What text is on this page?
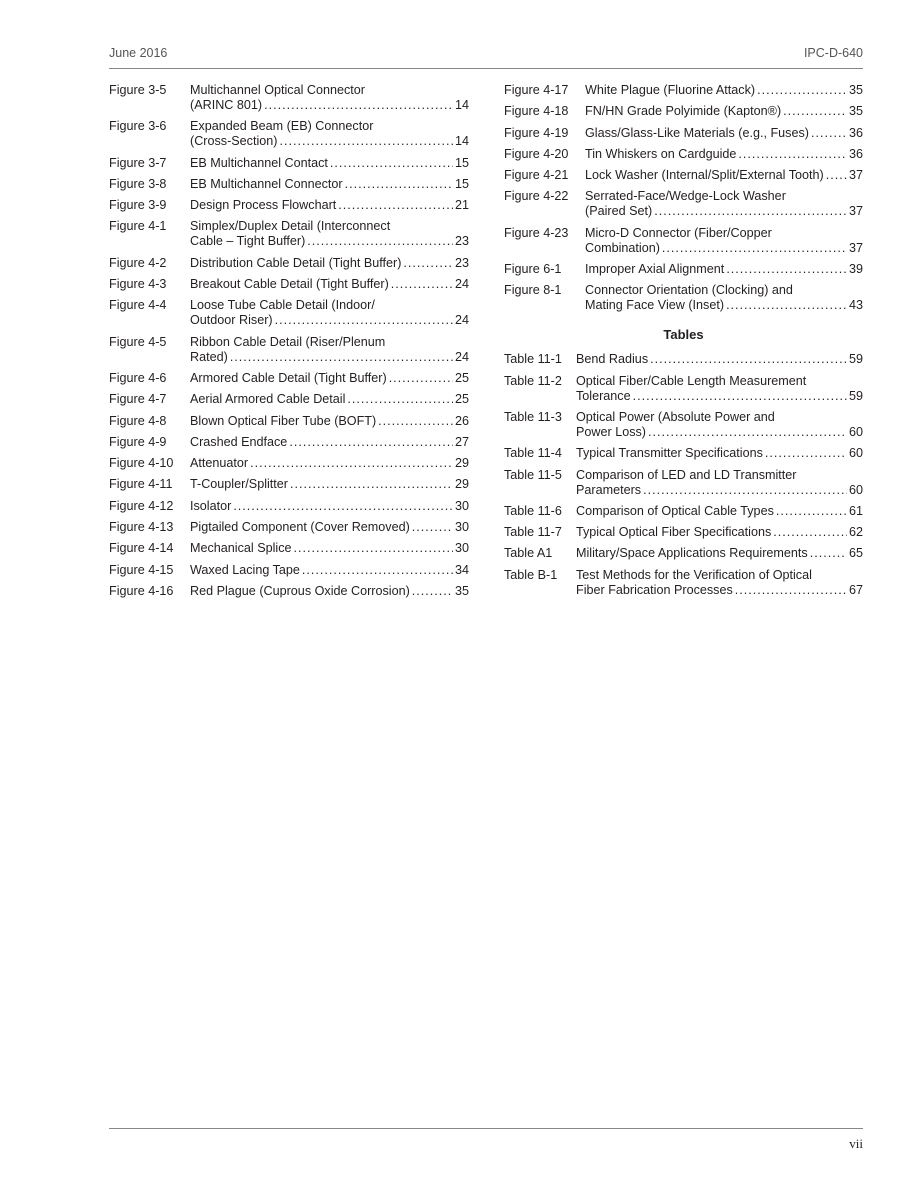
June 2016	IPC-D-640
Figure 3-5	Multichannel Optical Connector
(ARINC 801) .....	14
Figure 3-6	Expanded Beam (EB) Connector
(Cross-Section) .....	14
Figure 3-7	EB Multichannel Contact .....	15
Figure 3-8	EB Multichannel Connector .....	15
Figure 3-9	Design Process Flowchart .....	21
Figure 4-1	Simplex/Duplex Detail (Interconnect
Cable – Tight Buffer) .....	23
Figure 4-2	Distribution Cable Detail (Tight Buffer) .....	23
Figure 4-3	Breakout Cable Detail (Tight Buffer) .....	24
Figure 4-4	Loose Tube Cable Detail (Indoor/
Outdoor Riser) .....	24
Figure 4-5	Ribbon Cable Detail (Riser/Plenum
Rated) .....	24
Figure 4-6	Armored Cable Detail (Tight Buffer) .....	25
Figure 4-7	Aerial Armored Cable Detail .....	25
Figure 4-8	Blown Optical Fiber Tube (BOFT) .....	26
Figure 4-9	Crashed Endface .....	27
Figure 4-10	Attenuator .....	29
Figure 4-11	T-Coupler/Splitter .....	29
Figure 4-12	Isolator .....	30
Figure 4-13	Pigtailed Component (Cover Removed) .....	30
Figure 4-14	Mechanical Splice .....	30
Figure 4-15	Waxed Lacing Tape .....	34
Figure 4-16	Red Plague (Cuprous Oxide Corrosion) .....	35
Figure 4-17	White Plague (Fluorine Attack) .....	35
Figure 4-18	FN/HN Grade Polyimide (Kapton®) .....	35
Figure 4-19	Glass/Glass-Like Materials (e.g., Fuses) .....	36
Figure 4-20	Tin Whiskers on Cardguide .....	36
Figure 4-21	Lock Washer (Internal/Split/External Tooth) ..... 37
Figure 4-22	Serrated-Face/Wedge-Lock Washer
(Paired Set) .....	37
Figure 4-23	Micro-D Connector (Fiber/Copper
Combination) .....	37
Figure 6-1	Improper Axial Alignment .....	39
Figure 8-1	Connector Orientation (Clocking) and
Mating Face View (Inset) .....	43
Tables
Table 11-1	Bend Radius .....	59
Table 11-2	Optical Fiber/Cable Length Measurement
Tolerance .....	59
Table 11-3	Optical Power (Absolute Power and
Power Loss) .....	60
Table 11-4	Typical Transmitter Specifications .....	60
Table 11-5	Comparison of LED and LD Transmitter
Parameters .....	60
Table 11-6	Comparison of Optical Cable Types .....	61
Table 11-7	Typical Optical Fiber Specifications .....	62
Table A1	Military/Space Applications Requirements .....	65
Table B-1	Test Methods for the Verification of Optical
Fiber Fabrication Processes .....	67
vii
